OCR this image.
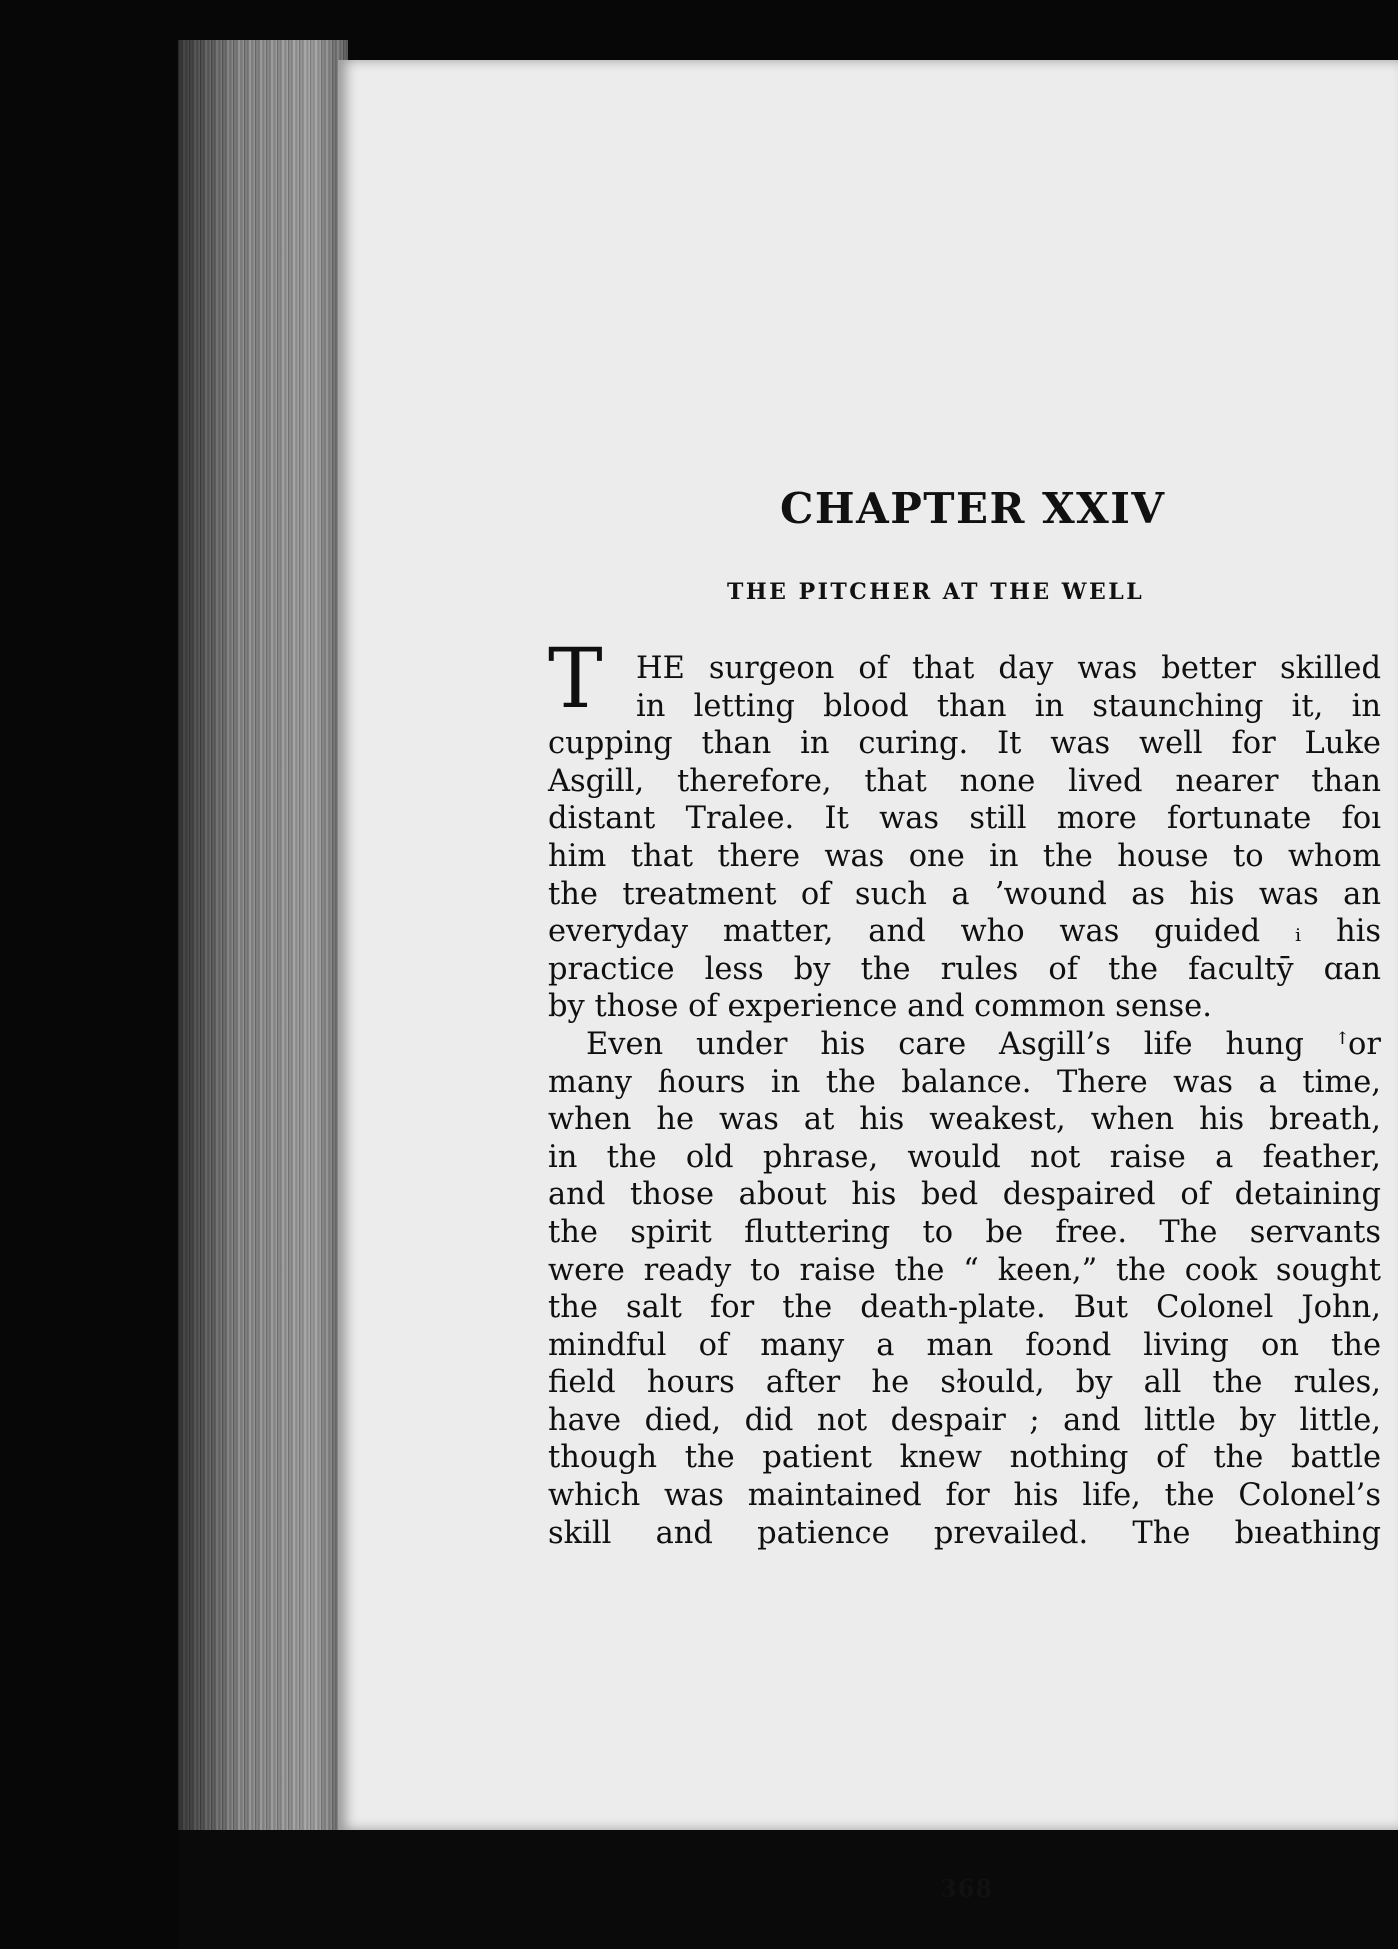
CHAPTER XXIV
THE PITCHER AT THE WELL
T	HE surgeon of that day was better skilled
in letting blood than in staunching it, in
cupping than in curing. It was well for Luke
Asgill, therefore, that none lived nearer than
distant Tralee. It was still more fortunate foı
him that there was one in the house to whom
the treatment of such a ʼwound as his was an
everyday matter, and who was guided ᵢ his
practice less by the rules of the facultȳ ɑan
by those of experience and common sense.
Even under his care Asgill’s life hung ꜛor
many ɦours in the balance. There was a time,
when he was at his weakest, when his breath,
in the old phrase, would not raise a feather,
and those about his bed despaired of detaining
the spirit fluttering to be free. The servants
were ready to raise the “ keen,” the cook sought
the salt for the death-plate. But Colonel John,
mindful of many a man foɔnd living on the
field hours after he sɫould, by all the rules,
have died, did not despair ; and little by little,
though the patient knew nothing of the battle
which was maintained for his life, the Colonel’s
skill and patience prevailed. The bıeathing
368
